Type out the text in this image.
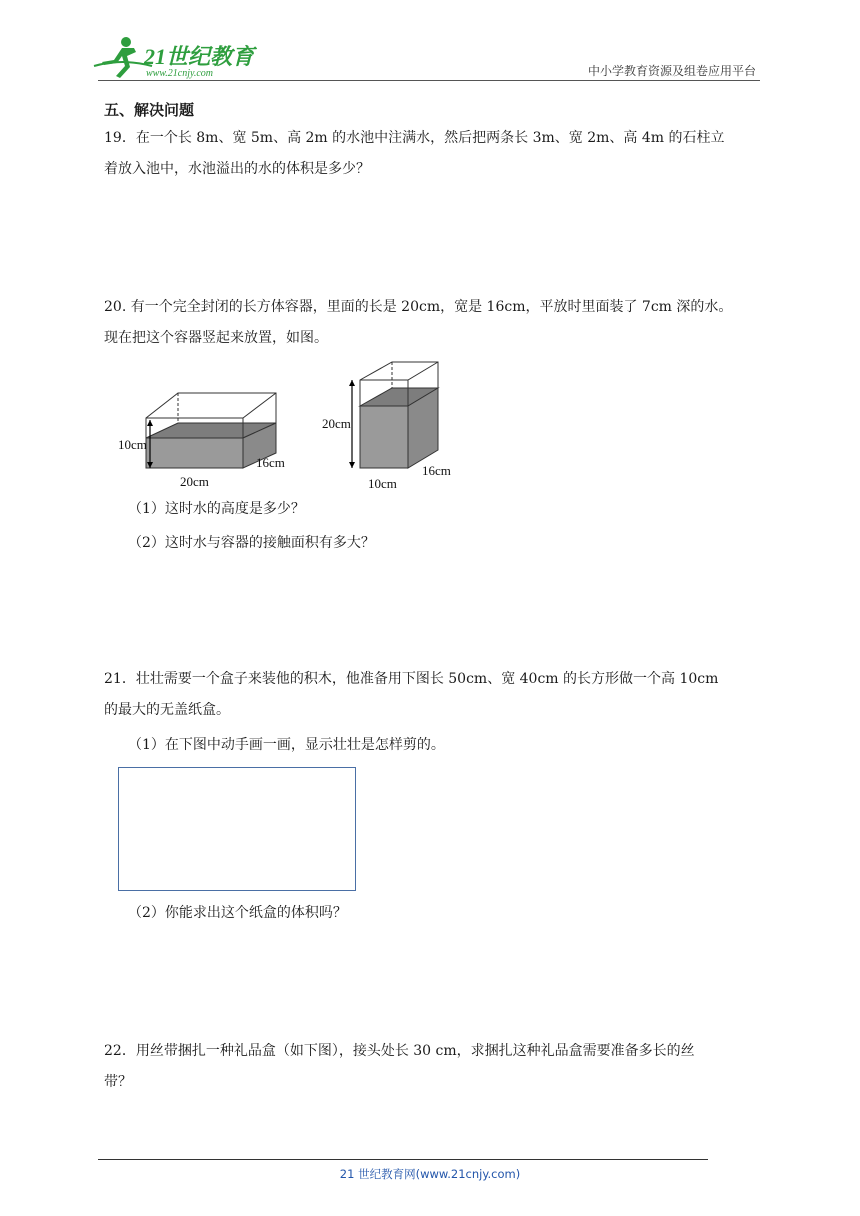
21世纪教育
www.21cnjy.com	中小学教育资源及组卷应用平台
五、解决问题
19．在一个长 8m、宽 5m、高 2m 的水池中注满水，然后把两条长 3m、宽 2m、高 4m 的石柱立
着放入池中，水池溢出的水的体积是多少？
20. 有一个完全封闭的长方体容器，里面的长是 20cm，宽是 16cm，平放时里面装了 7cm 深的水。
现在把这个容器竖起来放置，如图。
10cm
20cm
16cm
20cm
10cm
16cm
（1）这时水的高度是多少？
（2）这时水与容器的接触面积有多大？
21．壮壮需要一个盒子来装他的积木，他准备用下图长 50cm、宽 40cm 的长方形做一个高 10cm
的最大的无盖纸盒。
（1）在下图中动手画一画，显示壮壮是怎样剪的。
（2）你能求出这个纸盒的体积吗？
22．用丝带捆扎一种礼品盒（如下图），接头处长 30 cm，求捆扎这种礼品盒需要准备多长的丝
带？
21 世纪教育网(www.21cnjy.com)
